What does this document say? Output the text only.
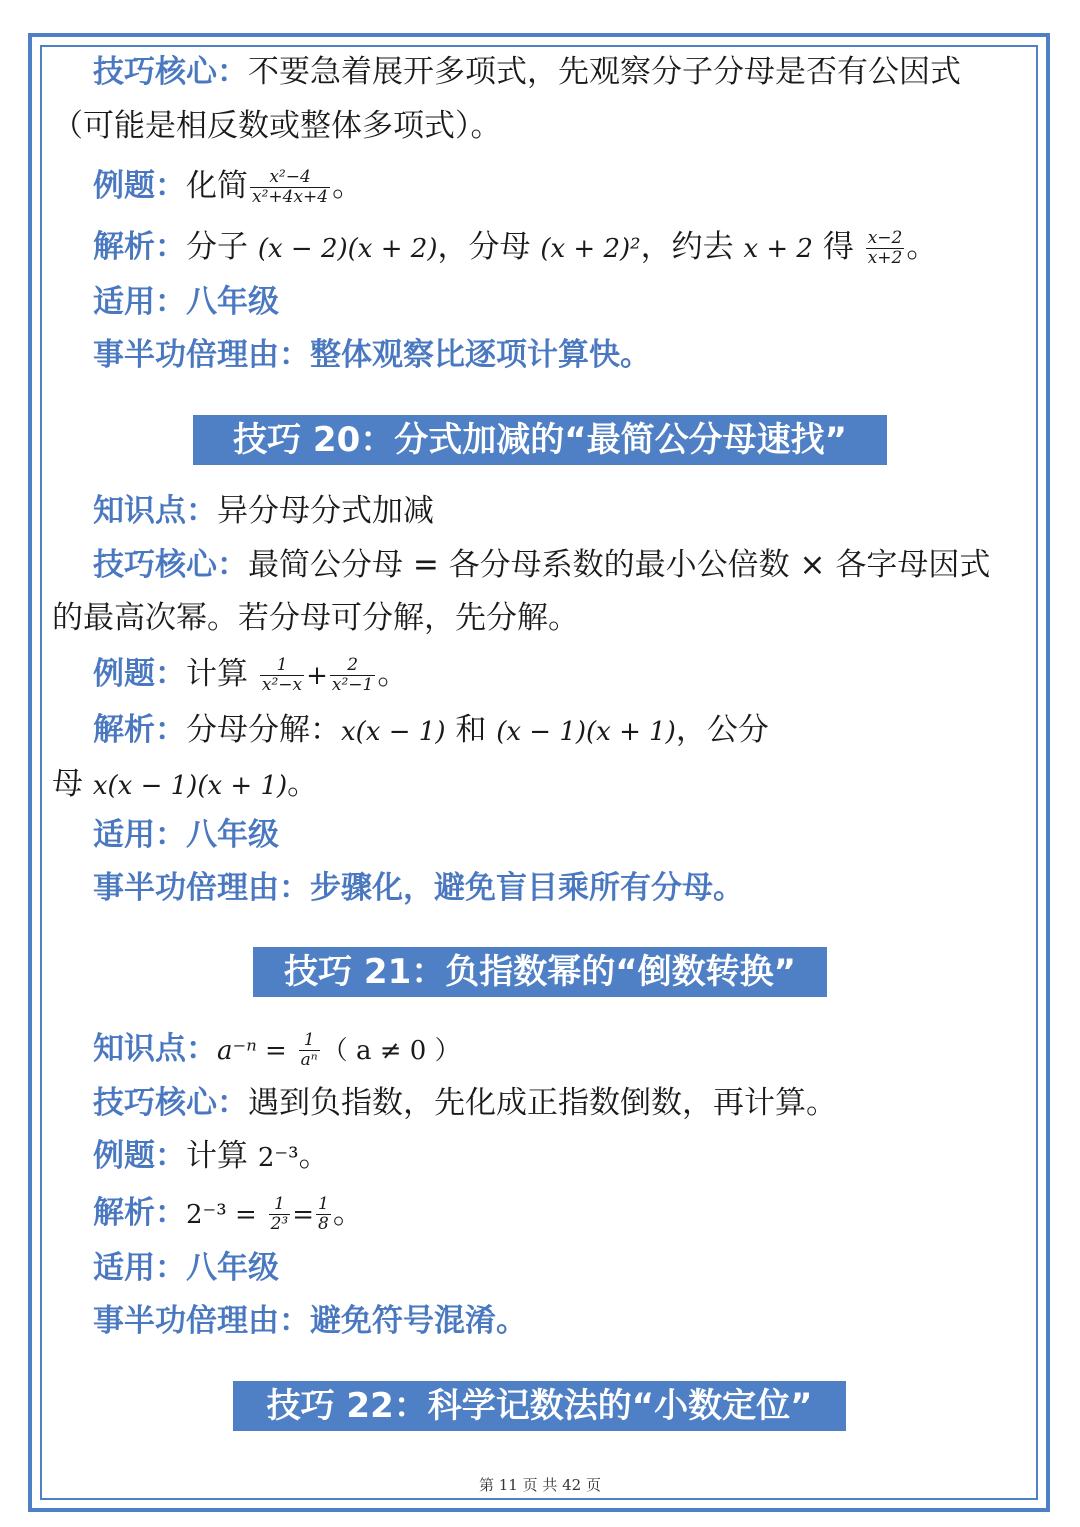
技巧核心：不要急着展开多项式，先观察分子分母是否有公因式
（可能是相反数或整体多项式）。
例题：化简 $\frac{\text{x²−4}}{\text{x²+4x+4}}$ 。
解析：分子 (x − 2)(x + 2)，分母 (x + 2)²，约去 x + 2 得 $\frac{x-2}{x+2}$ 。
适用：八年级
事半功倍理由：整体观察比逐项计算快。
技巧 20：分式加减的“最简公分母速找”
知识点：异分母分式加减
技巧核心：最简公分母 = 各分母系数的最小公倍数 × 各字母因式
的最高次幂。若分母可分解，先分解。
例题：计算 $\frac{1}{\text{x²−x}} + \frac{2}{\text{x²−1}}$ 。
解析：分母分解：x(x − 1) 和 (x − 1)(x + 1)，公分
母 x(x − 1)(x + 1)。
适用：八年级
事半功倍理由：步骤化，避免盲目乘所有分母。
技巧 21：负指数幂的“倒数转换”
知识点：$a^{-n} = \frac{1}{\text{aⁿ}}$ （ a ≠ 0 ）
技巧核心：遇到负指数，先化成正指数倒数，再计算。
例题：计算 2⁻³。
解析：$2^{-3} = \frac{1}{\text{2³}} = \frac{1}{8}$ 。
适用：八年级
事半功倍理由：避免符号混淆。
技巧 22：科学记数法的“小数定位”
第 11 页 共 42 页
